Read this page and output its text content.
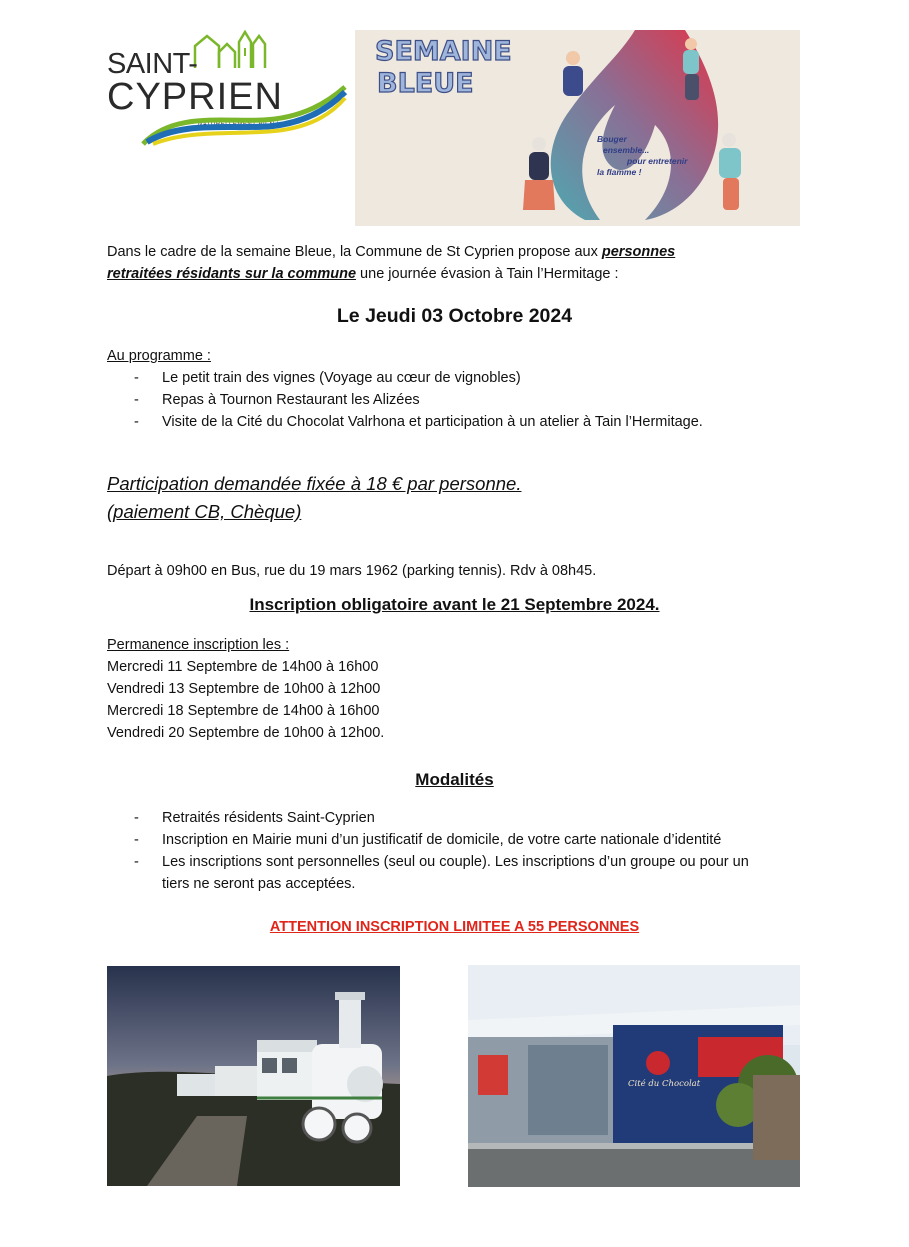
SAINT-
CYPRIEN
NATURELLEMENT BIEN !
SEMAINE
BLEUE
Bouger
ensemble...
pour entretenir
la flamme !
Dans le cadre de la semaine Bleue, la Commune de St Cyprien propose aux personnes
retraitées résidants sur la commune une journée évasion à Tain l’Hermitage :
Le Jeudi 03 Octobre 2024
Au programme :
- Le petit train des vignes (Voyage au cœur de vignobles)
- Repas à Tournon Restaurant les Alizées
- Visite de la Cité du Chocolat Valrhona et participation à un atelier à Tain l’Hermitage.
Participation demandée fixée à 18 € par personne.
(paiement CB, Chèque)
Départ à 09h00 en Bus, rue du 19 mars 1962 (parking tennis). Rdv à 08h45.
Inscription obligatoire avant le 21 Septembre 2024.
Permanence inscription les :
Mercredi 11 Septembre de 14h00 à 16h00
Vendredi 13 Septembre de 10h00 à 12h00
Mercredi 18 Septembre de 14h00 à 16h00
Vendredi 20 Septembre de 10h00 à 12h00.
Modalités
- Retraités résidents Saint-Cyprien
- Inscription en Mairie muni d’un justificatif de domicile, de votre carte nationale d’identité
- Les inscriptions sont personnelles (seul ou couple). Les inscriptions d’un groupe ou pour un
tiers ne seront pas acceptées.
ATTENTION INSCRIPTION LIMITEE A 55 PERSONNES
Cité du Chocolat
